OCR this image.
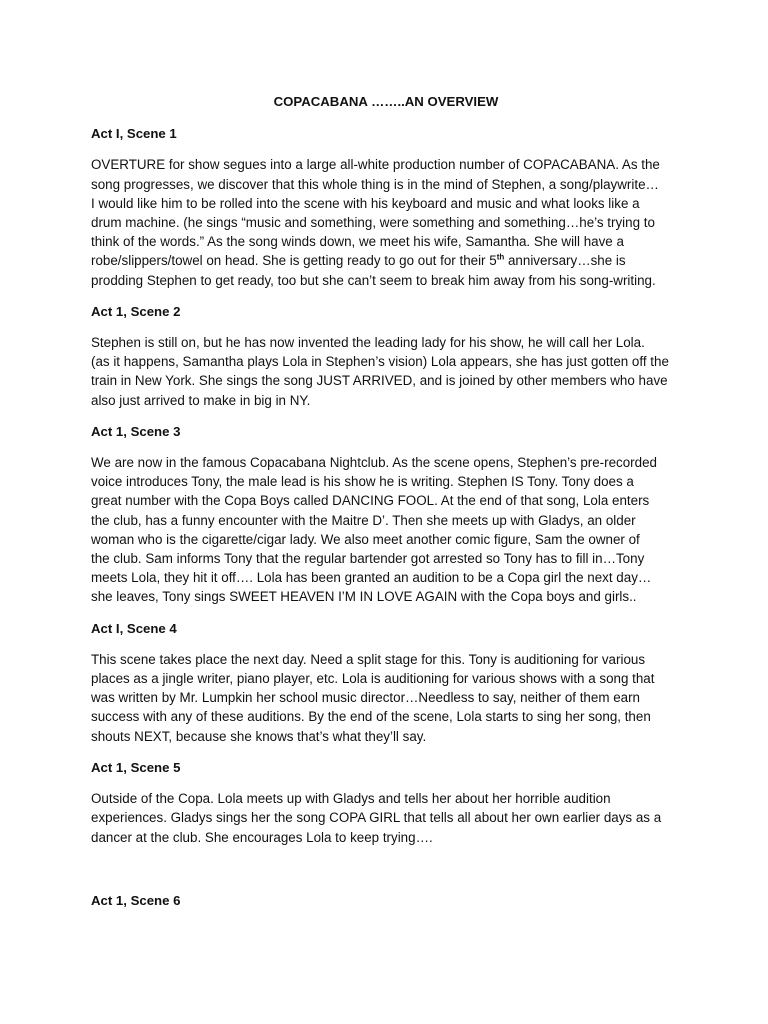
COPACABANA ……..AN OVERVIEW
Act I, Scene 1
OVERTURE for show segues into a large all-white production number of COPACABANA. As the
song progresses, we discover that this whole thing is in the mind of Stephen, a song/playwrite…
I would like him to be rolled into the scene with his keyboard and music and what looks like a
drum machine. (he sings “music and something, were something and something…he’s trying to
think of the words.” As the song winds down, we meet his wife, Samantha. She will have a
robe/slippers/towel on head. She is getting ready to go out for their 5th anniversary…she is
prodding Stephen to get ready, too but she can’t seem to break him away from his song-writing.
Act 1, Scene 2
Stephen is still on, but he has now invented the leading lady for his show, he will call her Lola.
(as it happens, Samantha plays Lola in Stephen’s vision) Lola appears, she has just gotten off the
train in New York. She sings the song JUST ARRIVED, and is joined by other members who have
also just arrived to make in big in NY.
Act 1, Scene 3
We are now in the famous Copacabana Nightclub. As the scene opens, Stephen’s pre-recorded
voice introduces Tony, the male lead is his show he is writing. Stephen IS Tony. Tony does a
great number with the Copa Boys called DANCING FOOL. At the end of that song, Lola enters
the club, has a funny encounter with the Maitre D’. Then she meets up with Gladys, an older
woman who is the cigarette/cigar lady. We also meet another comic figure, Sam the owner of
the club. Sam informs Tony that the regular bartender got arrested so Tony has to fill in…Tony
meets Lola, they hit it off…. Lola has been granted an audition to be a Copa girl the next day…
she leaves, Tony sings SWEET HEAVEN I’M IN LOVE AGAIN with the Copa boys and girls..
Act I, Scene 4
This scene takes place the next day. Need a split stage for this. Tony is auditioning for various
places as a jingle writer, piano player, etc. Lola is auditioning for various shows with a song that
was written by Mr. Lumpkin her school music director…Needless to say, neither of them earn
success with any of these auditions. By the end of the scene, Lola starts to sing her song, then
shouts NEXT, because she knows that’s what they’ll say.
Act 1, Scene 5
Outside of the Copa. Lola meets up with Gladys and tells her about her horrible audition
experiences. Gladys sings her the song COPA GIRL that tells all about her own earlier days as a
dancer at the club. She encourages Lola to keep trying….
Act 1, Scene 6
